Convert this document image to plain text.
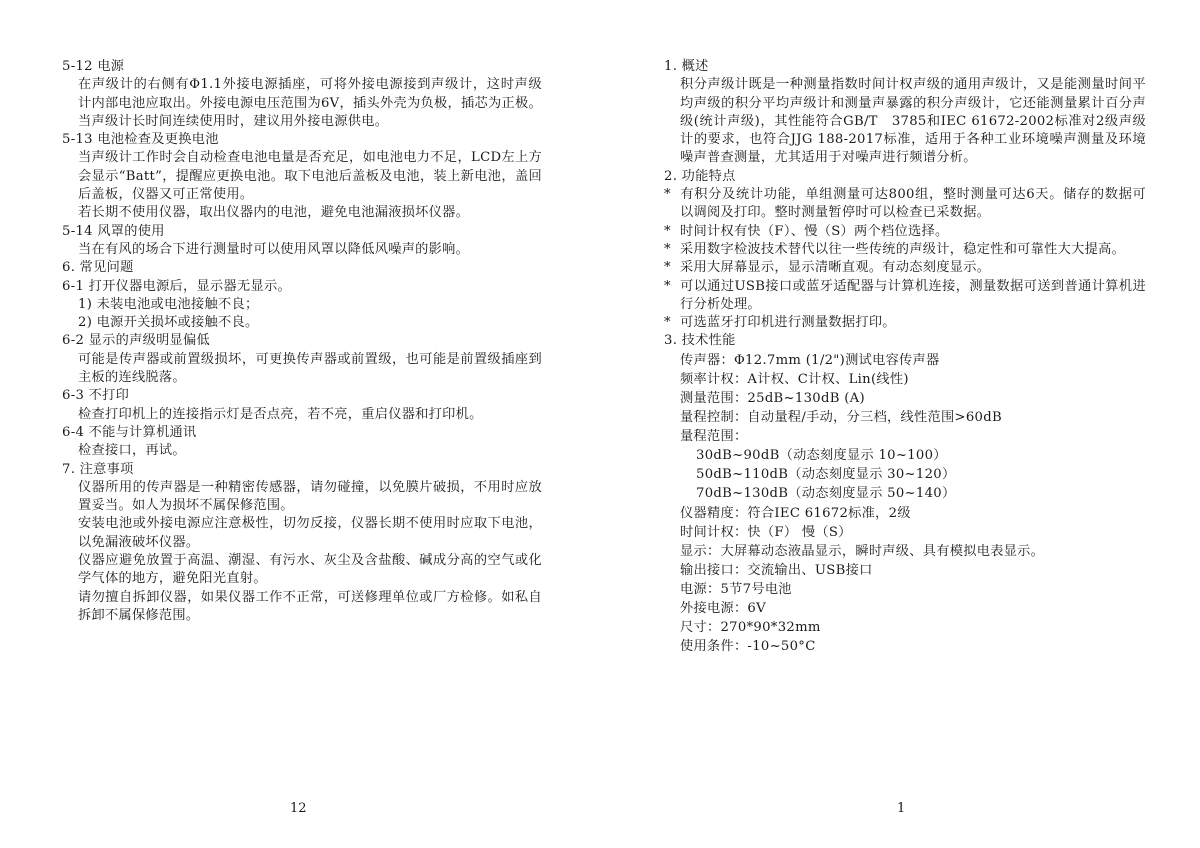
5-12 电源

在声级计的右侧有Φ1.1外接电源插座，可将外接电源接到声级计，这时声级计内部电池应取出。外接电源电压范围为6V，插头外壳为负极，插芯为正极。当声级计长时间连续使用时，建议用外接电源供电。

5-13 电池检查及更换电池

当声级计工作时会自动检查电池电量是否充足，如电池电力不足，LCD左上方会显示“Batt”，提醒应更换电池。取下电池后盖板及电池，装上新电池，盖回后盖板，仪器又可正常使用。

若长期不使用仪器，取出仪器内的电池，避免电池漏液损坏仪器。

5-14 风罩的使用

当在有风的场合下进行测量时可以使用风罩以降低风噪声的影响。

6. 常见问题
6-1 打开仪器电源后，显示器无显示。

1) 未装电池或电池接触不良；

2) 电源开关损坏或接触不良。

6-2 显示的声级明显偏低

可能是传声器或前置级损坏，可更换传声器或前置级，也可能是前置级插座到主板的连线脱落。

6-3 不打印

检查打印机上的连接指示灯是否点亮，若不亮，重启仪器和打印机。

6-4 不能与计算机通讯

检查接口，再试。

7. 注意事项

仪器所用的传声器是一种精密传感器，请勿碰撞，以免膜片破损，不用时应放置妥当。如人为损坏不属保修范围。

安装电池或外接电源应注意极性，切勿反接，仪器长期不使用时应取下电池，以免漏液破坏仪器。

仪器应避免放置于高温、潮湿、有污水、灰尘及含盐酸、碱成分高的空气或化学气体的地方，避免阳光直射。

请勿擅自拆卸仪器，如果仪器工作不正常，可送修理单位或厂方检修。如私自拆卸不属保修范围。

1. 概述

积分声级计既是一种测量指数时间计权声级的通用声级计，又是能测量时间平均声级的积分平均声级计和测量声暴露的积分声级计，它还能测量累计百分声级(统计声级)，其性能符合GB/T　3785和IEC 61672-2002标准对2级声级计的要求，也符合JJG 188-2017标准，适用于各种工业环境噪声测量及环境噪声普查测量，尤其适用于对噪声进行频谱分析。

2. 功能特点

* 有积分及统计功能，单组测量可达800组，整时测量可达6天。储存的数据可以调阅及打印。整时测量暂停时可以检查已采数据。

* 时间计权有快（F）、慢（S）两个档位选择。

* 采用数字检波技术替代以往一些传统的声级计，稳定性和可靠性大大提高。

* 采用大屏幕显示，显示清晰直观。有动态刻度显示。

* 可以通过USB接口或蓝牙适配器与计算机连接，测量数据可送到普通计算机进行分析处理。

* 可选蓝牙打印机进行测量数据打印。

3. 技术性能

传声器：Φ12.7mm (1/2")测试电容传声器

频率计权：A计权、C计权、Lin(线性)

测量范围：25dB~130dB (A)

量程控制：自动量程/手动，分三档，线性范围>60dB

量程范围：

30dB~90dB（动态刻度显示 10~100）

50dB~110dB（动态刻度显示 30~120）

70dB~130dB（动态刻度显示 50~140）

仪器精度：符合IEC 61672标准，2级

时间计权：快（F） 慢（S）

显示：大屏幕动态液晶显示，瞬时声级、具有模拟电表显示。

输出接口：交流输出、USB接口

电源：5节7号电池

外接电源：6V

尺寸：270*90*32mm

使用条件：-10~50°C

12	1
